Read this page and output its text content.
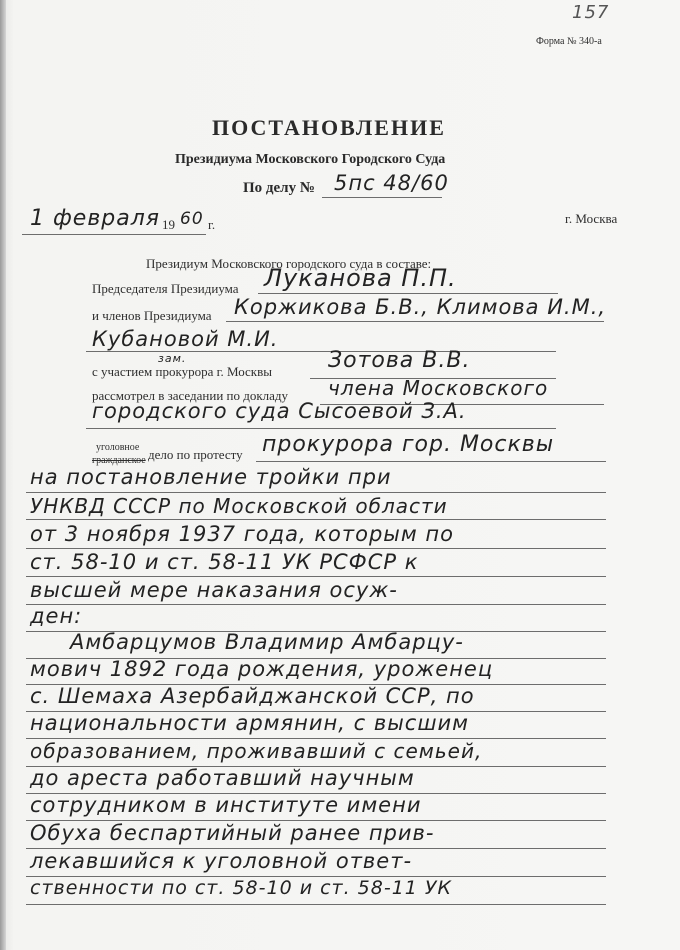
157
Форма № 340-а
ПОСТАНОВЛЕНИЕ
Президиума Московского Городского Суда
По делу № 5пс 48/60
1 февраля 19 60 г.	г. Москва
Президиум Московского городского суда в составе:
Председателя Президиума Луканова П.П.
и членов Президиума Коржикова Б.В., Климова И.М.,
Кубановой М.И.
зам.
с участием прокурора г. Москвы	Зотова В.В.
рассмотрел в заседании по докладу члена Московского
городского суда Сысоевой З.А.
уголовное
гражданское дело по протесту прокурора гор. Москвы
на постановление тройки при
УНКВД СССР по Московской области
от 3 ноября 1937 года, которым по
ст. 58-10 и ст. 58-11 УК РСФСР к
высшей мере наказания осуж-
ден:
Амбарцумов Владимир Амбарцу-
мович 1892 года рождения, уроженец
с. Шемаха Азербайджанской ССР, по
национальности армянин, с высшим
образованием, проживавший с семьей,
до ареста работавший научным
сотрудником в институте имени
Обуха беспартийный ранее прив-
лекавшийся к уголовной ответ-
ственности по ст. 58-10 и ст. 58-11 УК
